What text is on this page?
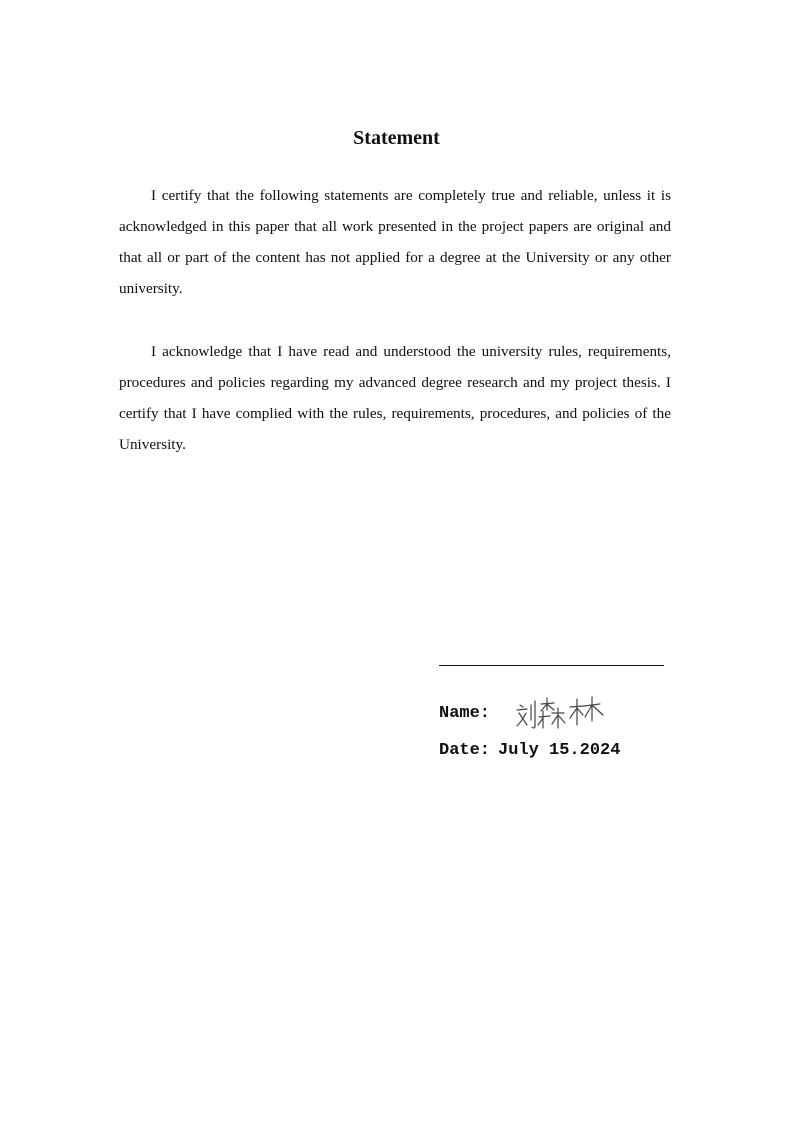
Statement

I certify that the following statements are completely true and reliable, unless it is acknowledged in this paper that all work presented in the project papers are original and that all or part of the content has not applied for a degree at the University or any other university.

I acknowledge that I have read and understood the university rules, requirements, procedures and policies regarding my advanced degree research and my project thesis. I certify that I have complied with the rules, requirements, procedures, and policies of the University.

Name:
Date: July 15.2024
